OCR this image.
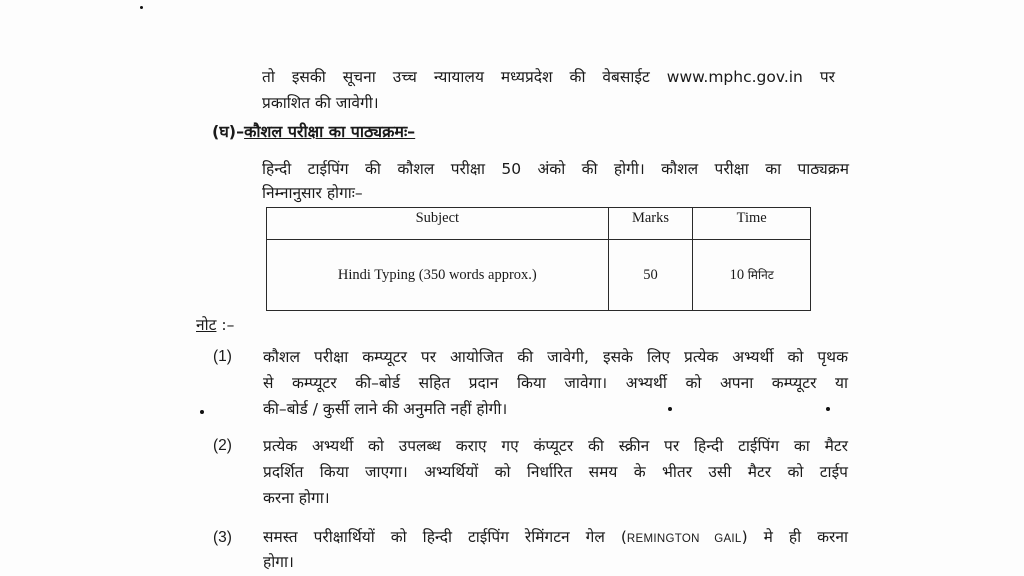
तो इसकी सूचना उच्च न्यायालय मध्यप्रदेश की वेबसाईट www.mphc.gov.in पर
प्रकाशित की जावेगी।
(घ)–कौशल परीक्षा का पाठ्यक्रमः–
हिन्दी टाईपिंग की कौशल परीक्षा 50 अंको की होगी। कौशल परीक्षा का पाठ्यक्रम
निम्नानुसार होगाः–
Subject	Marks	Time
Hindi Typing (350 words approx.)	50	10 मिनिट
नोट :–
(1) कौशल परीक्षा कम्प्यूटर पर आयोजित की जावेगी, इसके लिए प्रत्येक अभ्यर्थी को पृथक
से कम्प्यूटर की–बोर्ड सहित प्रदान किया जावेगा। अभ्यर्थी को अपना कम्प्यूटर या
की–बोर्ड / कुर्सी लाने की अनुमति नहीं होगी।
(2) प्रत्येक अभ्यर्थी को उपलब्ध कराए गए कंप्यूटर की स्क्रीन पर हिन्दी टाईपिंग का मैटर
प्रदर्शित किया जाएगा। अभ्यर्थियों को निर्धारित समय के भीतर उसी मैटर को टाईप
करना होगा।
(3) समस्त परीक्षार्थियों को हिन्दी टाईपिंग रेमिंगटन गेल (REMINGTON GAIL) मे ही करना
होगा।
